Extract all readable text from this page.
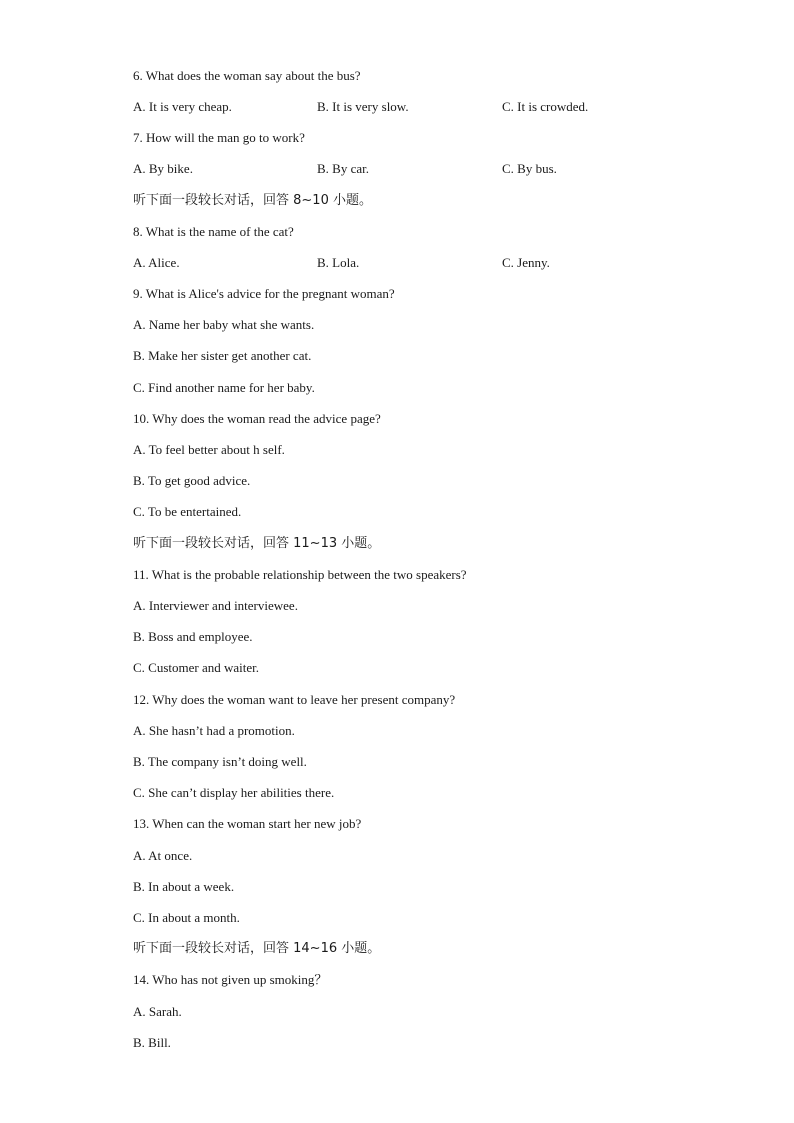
6. What does the woman say about the bus?
A. It is very cheap.	B. It is very slow.	C. It is crowded.
7. How will the man go to work?
A. By bike.	B. By car.	C. By bus.
听下面一段较长对话，回答 8~10 小题。
8. What is the name of the cat?
A. Alice.	B. Lola.	C. Jenny.
9. What is Alice's advice for the pregnant woman?
A. Name her baby what she wants.
B. Make her sister get another cat.
C. Find another name for her baby.
10. Why does the woman read the advice page?
A. To feel better about h self.
B. To get good advice.
C. To be entertained.
听下面一段较长对话，回答 11~13 小题。
11. What is the probable relationship between the two speakers?
A. Interviewer and interviewee.
B. Boss and employee.
C. Customer and waiter.
12. Why does the woman want to leave her present company?
A. She hasn’t had a promotion.
B. The company isn’t doing well.
C. She can’t display her abilities there.
13. When can the woman start her new job?
A. At once.
B. In about a week.
C. In about a month.
听下面一段较长对话，回答 14~16 小题。
14. Who has not given up smoking？
A. Sarah.
B. Bill.
